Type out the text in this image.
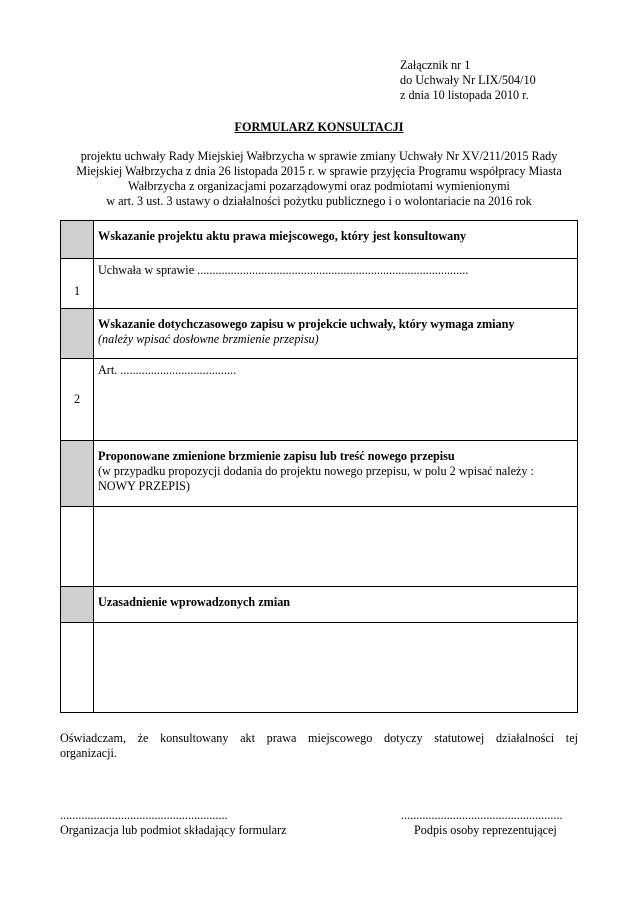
Załącznik nr 1
do Uchwały Nr LIX/504/10
z dnia 10 listopada 2010 r.
FORMULARZ KONSULTACJI
projektu uchwały Rady Miejskiej Wałbrzycha w sprawie zmiany Uchwały Nr XV/211/2015 Rady
Miejskiej Wałbrzycha z dnia 26 listopada 2015 r. w sprawie przyjęcia Programu współpracy Miasta
Wałbrzycha z organizacjami pozarządowymi oraz podmiotami wymienionymi
w art. 3 ust. 3 ustawy o działalności pożytku publicznego i o wolontariacie na 2016 rok
	Wskazanie projektu aktu prawa miejscowego, który jest konsultowany
1	Uchwała w sprawie .........................................................................................

	Wskazanie dotychczasowego zapisu w projekcie uchwały, który wymaga zmiany
(należy wpisać dosłowne brzmienie przepisu)

2	Art. ......................................

	Proponowane zmienione brzmienie zapisu lub treść nowego przepisu
(w przypadku propozycji dodania do projektu nowego przepisu, w polu 2 wpisać należy :
NOWY PRZEPIS)

	Uzasadnienie wprowadzonych zmian

Oświadczam, że konsultowany akt prawa miejscowego dotyczy statutowej działalności tej
organizacji.
.......................................................
Organizacja lub podmiot składający formularz
.....................................................
Podpis osoby reprezentującej
